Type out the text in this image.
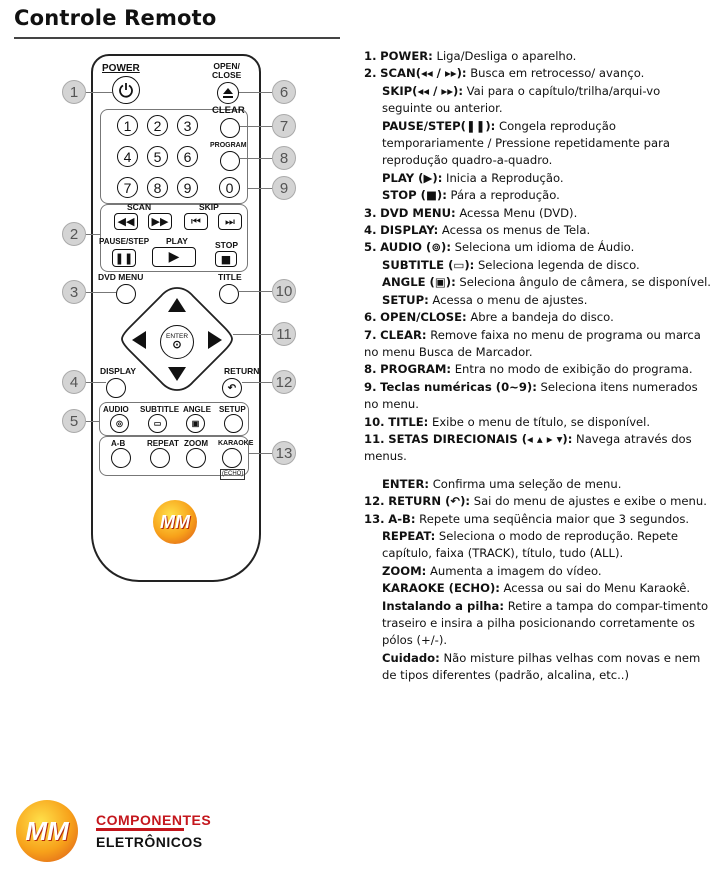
Controle Remoto
POWER	OPEN/
CLOSE
1	2	3
4	5	6
7	8	9	0
CLEAR
PROGRAM
SCAN	SKIP
◀◀ ▶▶ ⏮ ⏭
PAUSE/STEP PLAY	STOP
❚❚	▶	■
DVD MENU	TITLE
ENTER
⊙
DISPLAY	RETURN
↶
AUDIO SUBTITLE ANGLE SETUP
◎	▭	▣
A-B	REPEAT ZOOM KARAOKE
(ECHO)
MM
1
2
3
4
5
6
7
8
9
10
11
12
13

1. POWER: Liga/Desliga o aparelho.

2. SCAN(◂◂ / ▸▸): Busca em retrocesso/ avanço.

SKIP(◂◂ / ▸▸): Vai para o capítulo/trilha/arqui-vo seguinte ou anterior.

PAUSE/STEP(❚❚): Congela reprodução temporariamente / Pressione repetidamente para reprodução quadro-a-quadro.

PLAY (▶): Inicia a Reprodução.

STOP (■): Pára a reprodução.

3. DVD MENU: Acessa Menu (DVD).

4. DISPLAY: Acessa os menus de Tela.

5. AUDIO (⊚): Seleciona um idioma de Áudio.

SUBTITLE (▭): Seleciona legenda de disco.

ANGLE (▣): Seleciona ângulo de câmera, se disponível.

SETUP: Acessa o menu de ajustes.

6. OPEN/CLOSE: Abre a bandeja do disco.

7. CLEAR: Remove faixa no menu de programa ou marca no menu Busca de Marcador.

8. PROGRAM: Entra no modo de exibição do programa.

9. Teclas numéricas (0~9): Seleciona itens numerados no menu.

10. TITLE: Exibe o menu de título, se disponível.

11. SETAS DIRECIONAIS (◂ ▴ ▸ ▾): Navega através dos menus.

ENTER: Confirma uma seleção de menu.

12. RETURN (↶): Sai do menu de ajustes e exibe o menu.

13. A-B: Repete uma seqüência maior que 3 segundos.

REPEAT: Seleciona o modo de reprodução. Repete capítulo, faixa (TRACK), título, tudo (ALL).

ZOOM: Aumenta a imagem do vídeo.

KARAOKE (ECHO): Acessa ou sai do Menu Karaokê.

Instalando a pilha: Retire a tampa do compar-timento traseiro e insira a pilha posicionando corretamente os pólos (+/-).

Cuidado: Não misture pilhas velhas com novas e nem de tipos diferentes (padrão, alcalina, etc..)

MM	COMPONENTES
ELETRÔNICOS
